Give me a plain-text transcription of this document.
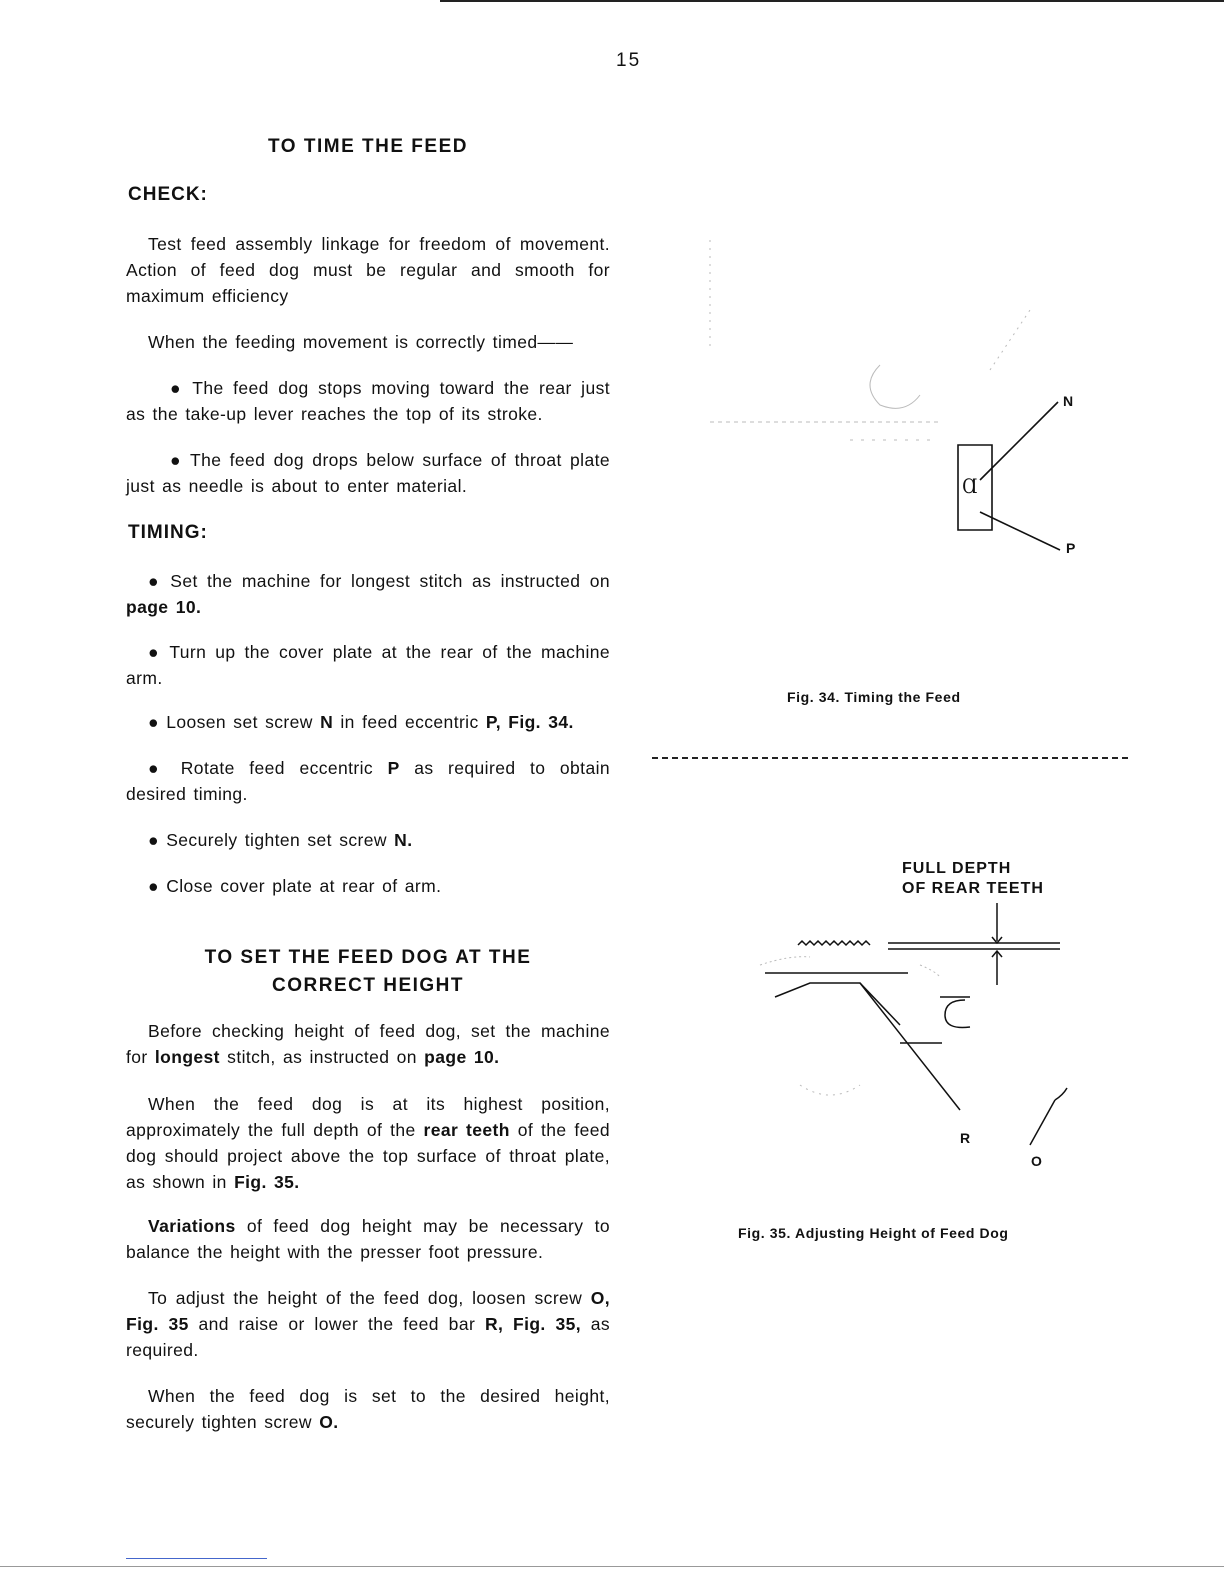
15
TO TIME THE FEED
CHECK:
Test feed assembly linkage for freedom of movement. Action of feed dog must be regular and smooth for maximum efficiency
When the feeding movement is correctly timed——
● The feed dog stops moving toward the rear just as the take-up lever reaches the top of its stroke.
● The feed dog drops below surface of throat plate just as needle is about to enter material.
TIMING:
● Set the machine for longest stitch as instructed on page 10.
● Turn up the cover plate at the rear of the machine arm.
● Loosen set screw N in feed eccentric P, Fig. 34.
● Rotate feed eccentric P as required to obtain desired timing.
● Securely tighten set screw N.
● Close cover plate at rear of arm.
TO SET THE FEED DOG AT THE
CORRECT HEIGHT
Before checking height of feed dog, set the machine for longest stitch, as instructed on page 10.
When the feed dog is at its highest position, approximately the full depth of the rear teeth of the feed dog should project above the top surface of throat plate, as shown in Fig. 35.
Variations of feed dog height may be necessary to balance the height with the presser foot pressure.
To adjust the height of the feed dog, loosen screw O, Fig. 35 and raise or lower the feed bar R, Fig. 35, as required.
When the feed dog is set to the desired height, securely tighten screw O.
Ɑ
N
P
Fig. 34. Timing the Feed
FULL DEPTH
OF REAR TEETH
R
O
Fig. 35. Adjusting Height of Feed Dog
